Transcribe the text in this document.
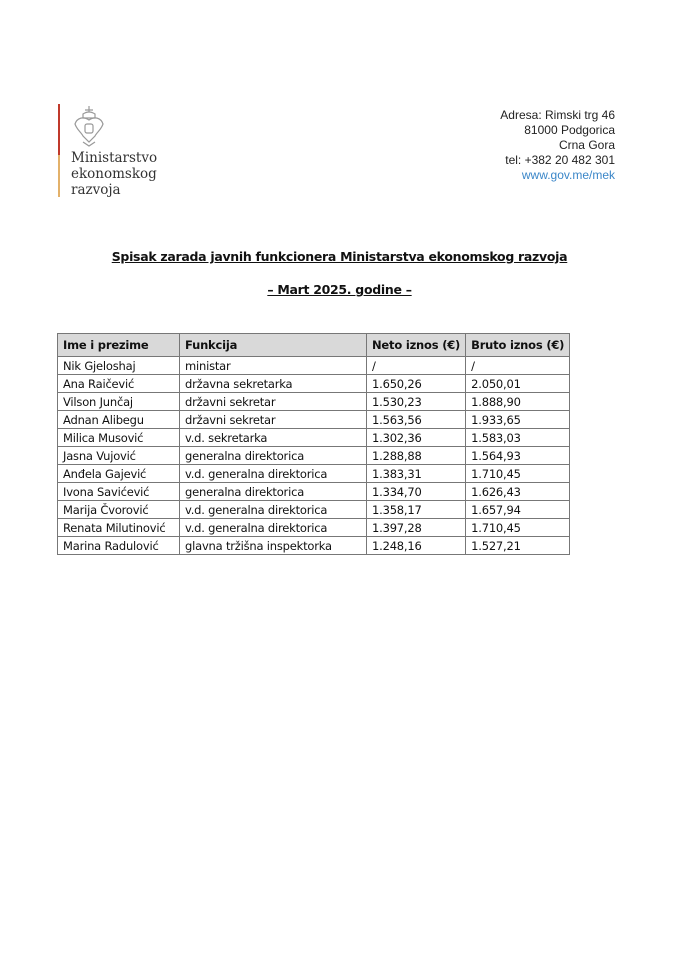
Ministarstvo
ekonomskog
razvoja
Adresa: Rimski trg 46
81000 Podgorica
Crna Gora
tel: +382 20 482 301
www.gov.me/mek
Spisak zarada javnih funkcionera Ministarstva ekonomskog razvoja
– Mart 2025. godine –
Ime i prezime	Funkcija	Neto iznos (€)	Bruto iznos (€)
Nik Gjeloshaj	ministar	/	/
Ana Raičević	državna sekretarka	1.650,26	2.050,01
Vilson Junčaj	državni sekretar	1.530,23	1.888,90
Adnan Alibegu	državni sekretar	1.563,56	1.933,65
Milica Musović	v.d. sekretarka	1.302,36	1.583,03
Jasna Vujović	generalna direktorica	1.288,88	1.564,93
Anđela Gajević	v.d. generalna direktorica	1.383,31	1.710,45
Ivona Savićević	generalna direktorica	1.334,70	1.626,43
Marija Čvorović	v.d. generalna direktorica	1.358,17	1.657,94
Renata Milutinović	v.d. generalna direktorica	1.397,28	1.710,45
Marina Radulović	glavna tržišna inspektorka	1.248,16	1.527,21
